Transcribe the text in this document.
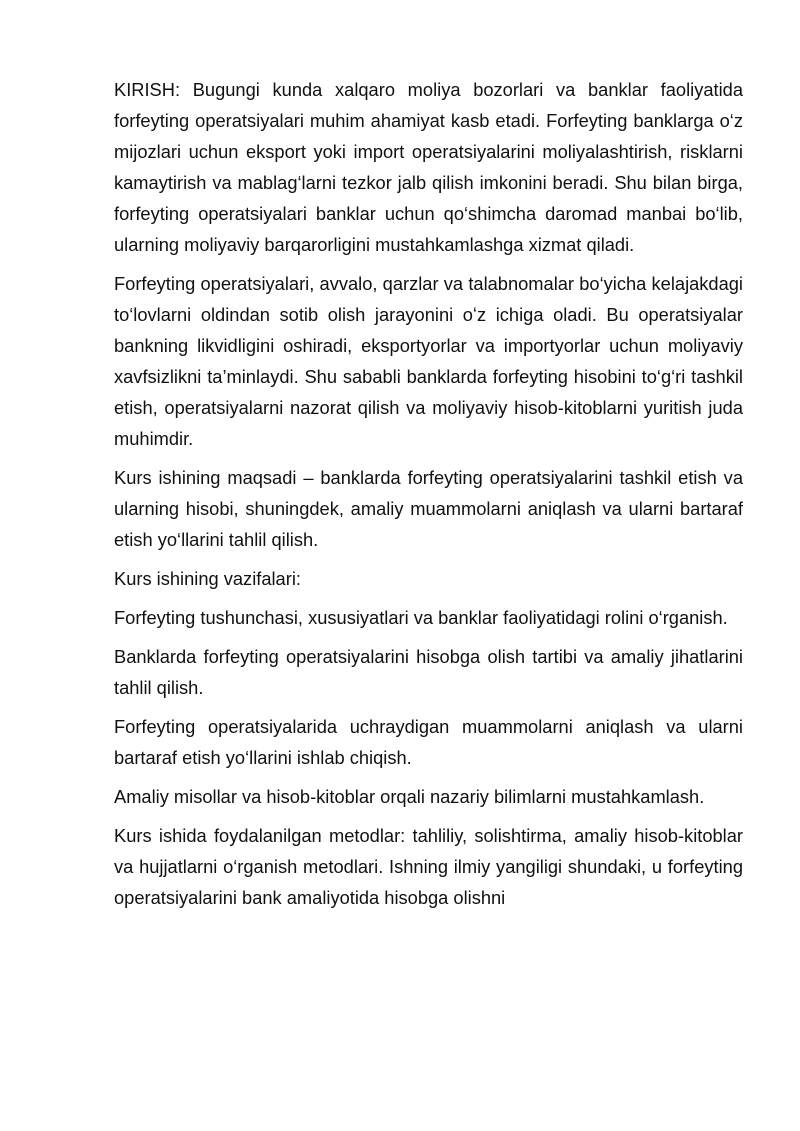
KIRISH: Bugungi kunda xalqaro moliya bozorlari va banklar faoliyatida forfeyting operatsiyalari muhim ahamiyat kasb etadi. Forfeyting banklarga o‘z mijozlari uchun eksport yoki import operatsiyalarini moliyalashtirish, risklarni kamaytirish va mablag‘larni tezkor jalb qilish imkonini beradi. Shu bilan birga, forfeyting operatsiyalari banklar uchun qo‘shimcha daromad manbai bo‘lib, ularning moliyaviy barqarorligini mustahkamlashga xizmat qiladi.

Forfeyting operatsiyalari, avvalo, qarzlar va talabnomalar bo‘yicha kelajakdagi to‘lovlarni oldindan sotib olish jarayonini oʻz ichiga oladi. Bu operatsiyalar bankning likvidligini oshiradi, eksportyorlar va importyorlar uchun moliyaviy xavfsizlikni ta’minlaydi. Shu sababli banklarda forfeyting hisobini to‘g‘ri tashkil etish, operatsiyalarni nazorat qilish va moliyaviy hisob-kitoblarni yuritish juda muhimdir.

Kurs ishining maqsadi – banklarda forfeyting operatsiyalarini tashkil etish va ularning hisobi, shuningdek, amaliy muammolarni aniqlash va ularni bartaraf etish yo‘llarini tahlil qilish.

Kurs ishining vazifalari:

Forfeyting tushunchasi, xususiyatlari va banklar faoliyatidagi rolini o‘rganish.

Banklarda forfeyting operatsiyalarini hisobga olish tartibi va amaliy jihatlarini tahlil qilish.

Forfeyting operatsiyalarida uchraydigan muammolarni aniqlash va ularni bartaraf etish yo‘llarini ishlab chiqish.

Amaliy misollar va hisob-kitoblar orqali nazariy bilimlarni mustahkamlash.

Kurs ishida foydalanilgan metodlar: tahliliy, solishtirma, amaliy hisob-kitoblar va hujjatlarni o‘rganish metodlari. Ishning ilmiy yangiligi shundaki, u forfeyting operatsiyalarini bank amaliyotida hisobga olishni
